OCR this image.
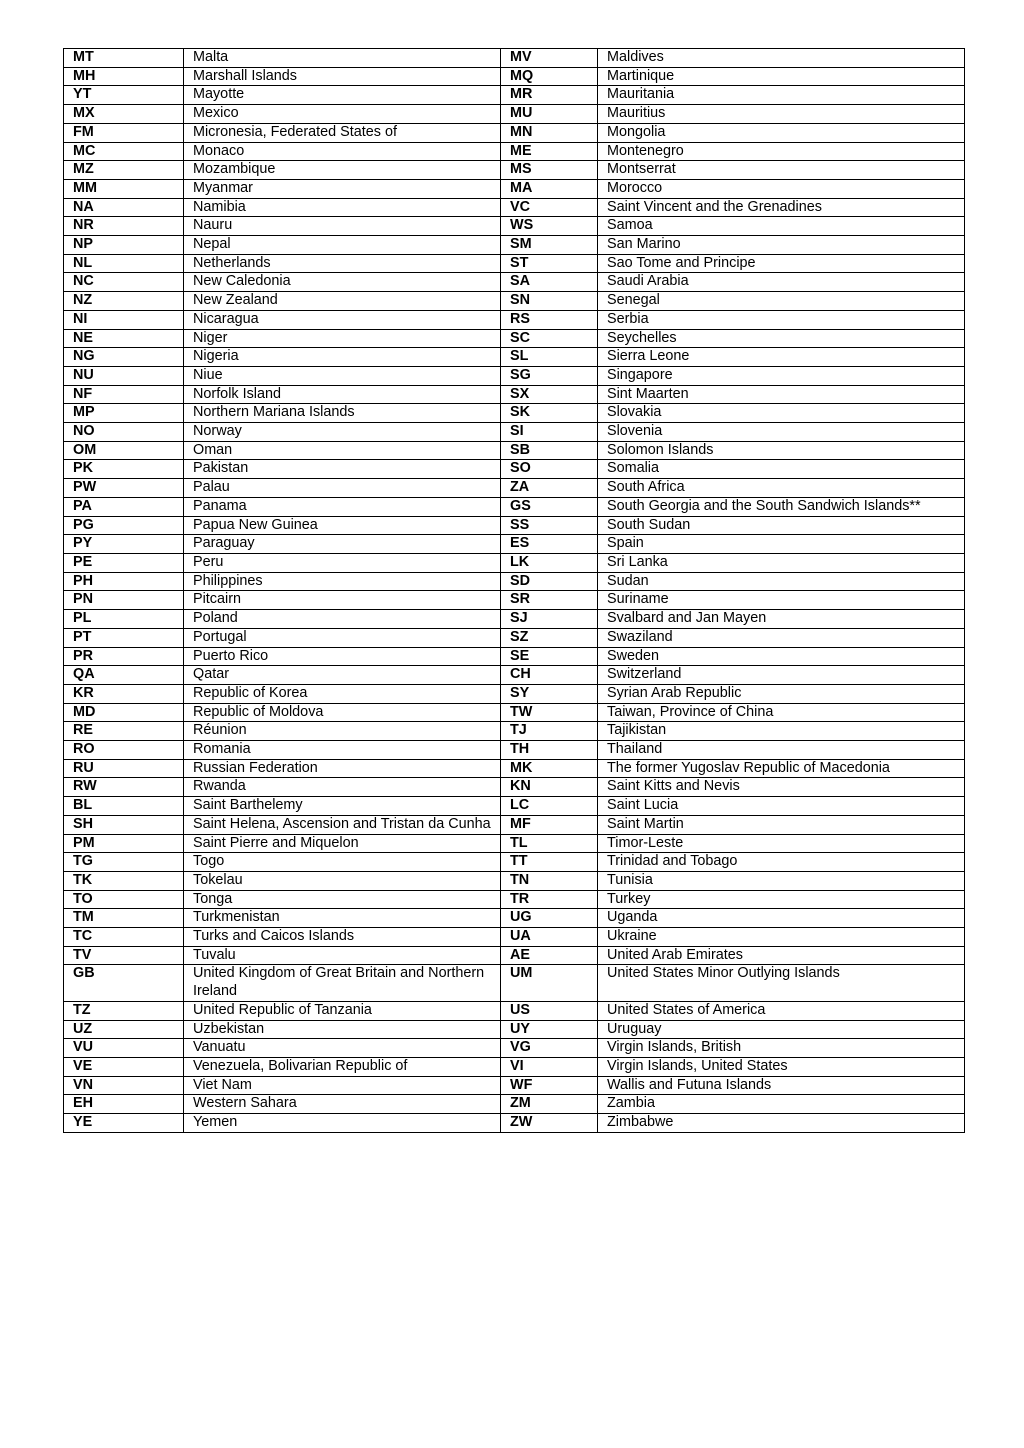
MT	Malta	MV	Maldives
MH	Marshall Islands	MQ	Martinique
YT	Mayotte	MR	Mauritania
MX	Mexico	MU	Mauritius
FM	Micronesia, Federated States of	MN	Mongolia
MC	Monaco	ME	Montenegro
MZ	Mozambique	MS	Montserrat
MM	Myanmar	MA	Morocco
NA	Namibia	VC	Saint Vincent and the Grenadines
NR	Nauru	WS	Samoa
NP	Nepal	SM	San Marino
NL	Netherlands	ST	Sao Tome and Principe
NC	New Caledonia	SA	Saudi Arabia
NZ	New Zealand	SN	Senegal
NI	Nicaragua	RS	Serbia
NE	Niger	SC	Seychelles
NG	Nigeria	SL	Sierra Leone
NU	Niue	SG	Singapore
NF	Norfolk Island	SX	Sint Maarten
MP	Northern Mariana Islands	SK	Slovakia
NO	Norway	SI	Slovenia
OM	Oman	SB	Solomon Islands
PK	Pakistan	SO	Somalia
PW	Palau	ZA	South Africa
PA	Panama	GS	South Georgia and the South Sandwich Islands**
PG	Papua New Guinea	SS	South Sudan
PY	Paraguay	ES	Spain
PE	Peru	LK	Sri Lanka
PH	Philippines	SD	Sudan
PN	Pitcairn	SR	Suriname
PL	Poland	SJ	Svalbard and Jan Mayen
PT	Portugal	SZ	Swaziland
PR	Puerto Rico	SE	Sweden
QA	Qatar	CH	Switzerland
KR	Republic of Korea	SY	Syrian Arab Republic
MD	Republic of Moldova	TW	Taiwan, Province of China
RE	Réunion	TJ	Tajikistan
RO	Romania	TH	Thailand
RU	Russian Federation	MK	The former Yugoslav Republic of Macedonia
RW	Rwanda	KN	Saint Kitts and Nevis
BL	Saint Barthelemy	LC	Saint Lucia
SH	Saint Helena, Ascension and Tristan da Cunha	MF	Saint Martin
PM	Saint Pierre and Miquelon	TL	Timor-Leste
TG	Togo	TT	Trinidad and Tobago
TK	Tokelau	TN	Tunisia
TO	Tonga	TR	Turkey
TM	Turkmenistan	UG	Uganda
TC	Turks and Caicos Islands	UA	Ukraine
TV	Tuvalu	AE	United Arab Emirates
GB	United Kingdom of Great Britain and Northern Ireland	UM	United States Minor Outlying Islands
TZ	United Republic of Tanzania	US	United States of America
UZ	Uzbekistan	UY	Uruguay
VU	Vanuatu	VG	Virgin Islands, British
VE	Venezuela, Bolivarian Republic of	VI	Virgin Islands, United States
VN	Viet Nam	WF	Wallis and Futuna Islands
EH	Western Sahara	ZM	Zambia
YE	Yemen	ZW	Zimbabwe
